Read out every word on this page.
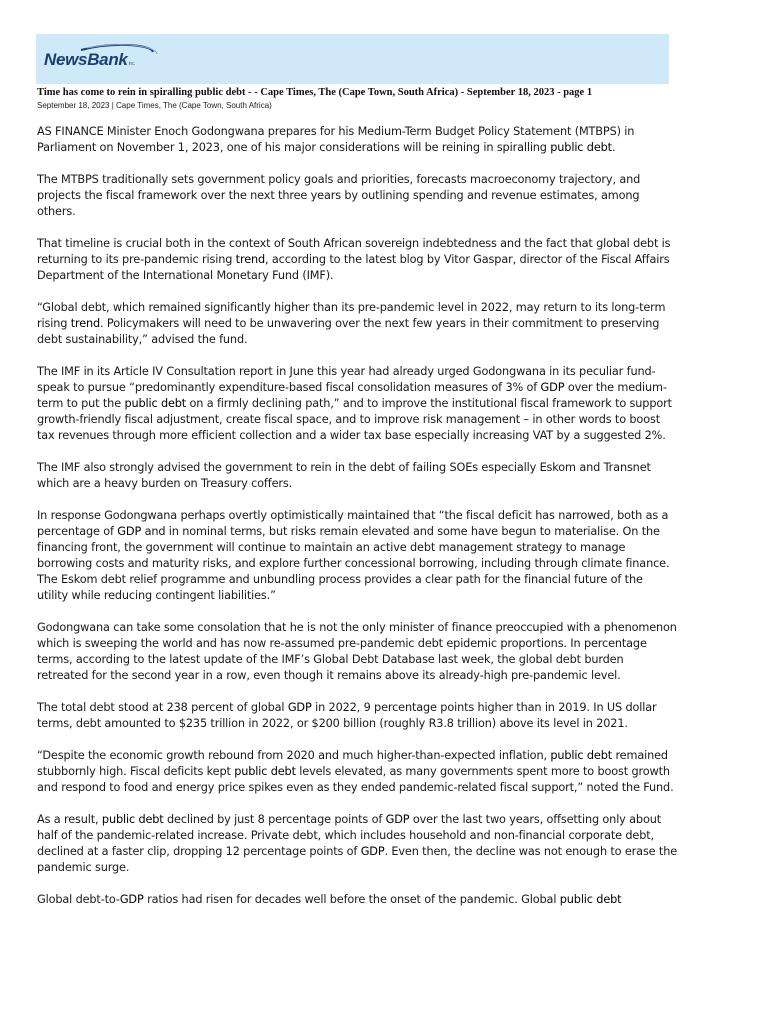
NewsBankinc.
Time has come to rein in spiralling public debt - - Cape Times, The (Cape Town, South Africa) - September 18, 2023 - page 1
September 18, 2023 | Cape Times, The (Cape Town, South Africa)

AS FINANCE Minister Enoch Godongwana prepares for his Medium-Term Budget Policy Statement (MTBPS) in Parliament on November 1, 2023, one of his major considerations will be reining in spiralling public debt.

The MTBPS traditionally sets government policy goals and priorities, forecasts macroeconomy trajectory, and projects the fiscal framework over the next three years by outlining spending and revenue estimates, among others.

That timeline is crucial both in the context of South African sovereign indebtedness and the fact that global debt is returning to its pre-pandemic rising trend, according to the latest blog by Vitor Gaspar, director of the Fiscal Affairs Department of the International Monetary Fund (IMF).

“Global debt, which remained significantly higher than its pre-pandemic level in 2022, may return to its long-term rising trend. Policymakers will need to be unwavering over the next few years in their commitment to preserving debt sustainability,” advised the fund.

The IMF in its Article IV Consultation report in June this year had already urged Godongwana in its peculiar fund-speak to pursue “predominantly expenditure-based fiscal consolidation measures of 3% of GDP over the medium-term to put the public debt on a firmly declining path,” and to improve the institutional fiscal framework to support growth-friendly fiscal adjustment, create fiscal space, and to improve risk management – in other words to boost tax revenues through more efficient collection and a wider tax base especially increasing VAT by a suggested 2%.

The IMF also strongly advised the government to rein in the debt of failing SOEs especially Eskom and Transnet which are a heavy burden on Treasury coffers.

In response Godongwana perhaps overtly optimistically maintained that “the fiscal deficit has narrowed, both as a percentage of GDP and in nominal terms, but risks remain elevated and some have begun to materialise. On the financing front, the government will continue to maintain an active debt management strategy to manage borrowing costs and maturity risks, and explore further concessional borrowing, including through climate finance. The Eskom debt relief programme and unbundling process provides a clear path for the financial future of the utility while reducing contingent liabilities.”

Godongwana can take some consolation that he is not the only minister of finance preoccupied with a phenomenon which is sweeping the world and has now re-assumed pre-pandemic debt epidemic proportions. In percentage terms, according to the latest update of the IMF’s Global Debt Database last week, the global debt burden retreated for the second year in a row, even though it remains above its already-high pre-pandemic level.

The total debt stood at 238 percent of global GDP in 2022, 9 percentage points higher than in 2019. In US dollar terms, debt amounted to $235 trillion in 2022, or $200 billion (roughly R3.8 trillion) above its level in 2021.

“Despite the economic growth rebound from 2020 and much higher-than-expected inflation, public debt remained stubbornly high. Fiscal deficits kept public debt levels elevated, as many governments spent more to boost growth and respond to food and energy price spikes even as they ended pandemic-related fiscal support,” noted the Fund.

As a result, public debt declined by just 8 percentage points of GDP over the last two years, offsetting only about half of the pandemic-related increase. Private debt, which includes household and non-financial corporate debt, declined at a faster clip, dropping 12 percentage points of GDP. Even then, the decline was not enough to erase the pandemic surge.

Global debt-to-GDP ratios had risen for decades well before the onset of the pandemic. Global public debt
